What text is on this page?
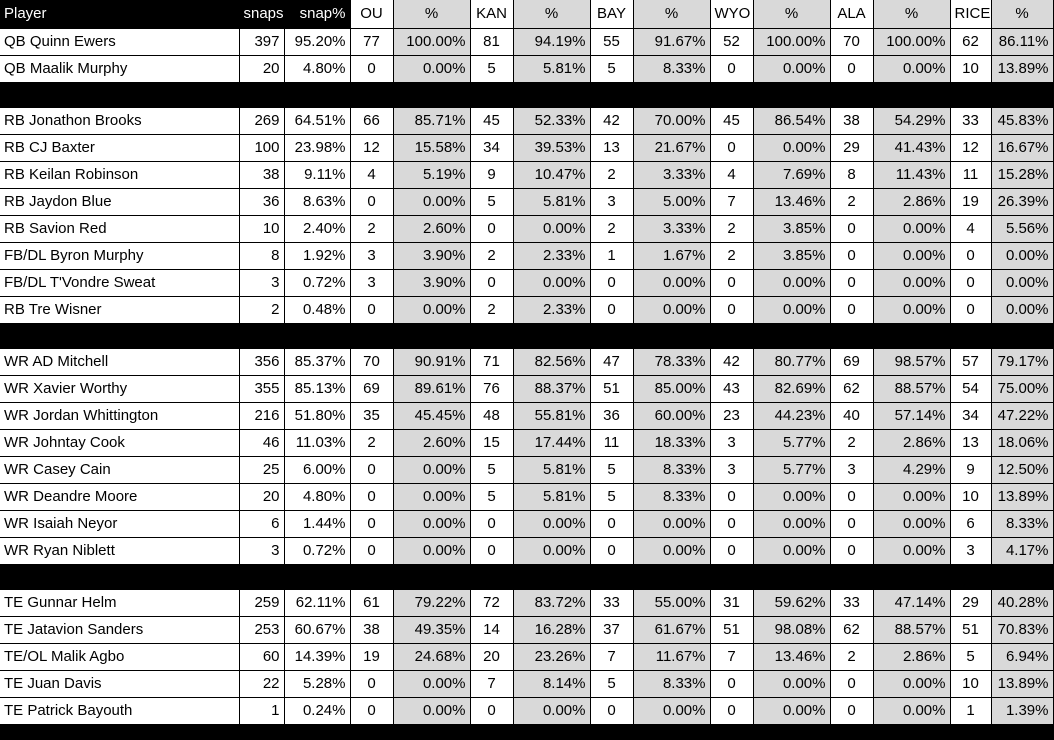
Player	snaps	snap%	OU	%	KAN	%	BAY	%	WYO	%	ALA	%	RICE	%
QB Quinn Ewers	397	95.20%	77	100.00%	81	94.19%	55	91.67%	52	100.00%	70	100.00%	62	86.11%
QB Maalik Murphy	20	4.80%	0	0.00%	5	5.81%	5	8.33%	0	0.00%	0	0.00%	10	13.89%

RB Jonathon Brooks	269	64.51%	66	85.71%	45	52.33%	42	70.00%	45	86.54%	38	54.29%	33	45.83%
RB CJ Baxter	100	23.98%	12	15.58%	34	39.53%	13	21.67%	0	0.00%	29	41.43%	12	16.67%
RB Keilan Robinson	38	9.11%	4	5.19%	9	10.47%	2	3.33%	4	7.69%	8	11.43%	11	15.28%
RB Jaydon Blue	36	8.63%	0	0.00%	5	5.81%	3	5.00%	7	13.46%	2	2.86%	19	26.39%
RB Savion Red	10	2.40%	2	2.60%	0	0.00%	2	3.33%	2	3.85%	0	0.00%	4	5.56%
FB/DL Byron Murphy	8	1.92%	3	3.90%	2	2.33%	1	1.67%	2	3.85%	0	0.00%	0	0.00%
FB/DL T'Vondre Sweat	3	0.72%	3	3.90%	0	0.00%	0	0.00%	0	0.00%	0	0.00%	0	0.00%
RB Tre Wisner	2	0.48%	0	0.00%	2	2.33%	0	0.00%	0	0.00%	0	0.00%	0	0.00%

WR AD Mitchell	356	85.37%	70	90.91%	71	82.56%	47	78.33%	42	80.77%	69	98.57%	57	79.17%
WR Xavier Worthy	355	85.13%	69	89.61%	76	88.37%	51	85.00%	43	82.69%	62	88.57%	54	75.00%
WR Jordan Whittington	216	51.80%	35	45.45%	48	55.81%	36	60.00%	23	44.23%	40	57.14%	34	47.22%
WR Johntay Cook	46	11.03%	2	2.60%	15	17.44%	11	18.33%	3	5.77%	2	2.86%	13	18.06%
WR Casey Cain	25	6.00%	0	0.00%	5	5.81%	5	8.33%	3	5.77%	3	4.29%	9	12.50%
WR Deandre Moore	20	4.80%	0	0.00%	5	5.81%	5	8.33%	0	0.00%	0	0.00%	10	13.89%
WR Isaiah Neyor	6	1.44%	0	0.00%	0	0.00%	0	0.00%	0	0.00%	0	0.00%	6	8.33%
WR Ryan Niblett	3	0.72%	0	0.00%	0	0.00%	0	0.00%	0	0.00%	0	0.00%	3	4.17%

TE Gunnar Helm	259	62.11%	61	79.22%	72	83.72%	33	55.00%	31	59.62%	33	47.14%	29	40.28%
TE Jatavion Sanders	253	60.67%	38	49.35%	14	16.28%	37	61.67%	51	98.08%	62	88.57%	51	70.83%
TE/OL Malik Agbo	60	14.39%	19	24.68%	20	23.26%	7	11.67%	7	13.46%	2	2.86%	5	6.94%
TE Juan Davis	22	5.28%	0	0.00%	7	8.14%	5	8.33%	0	0.00%	0	0.00%	10	13.89%
TE Patrick Bayouth	1	0.24%	0	0.00%	0	0.00%	0	0.00%	0	0.00%	0	0.00%	1	1.39%
